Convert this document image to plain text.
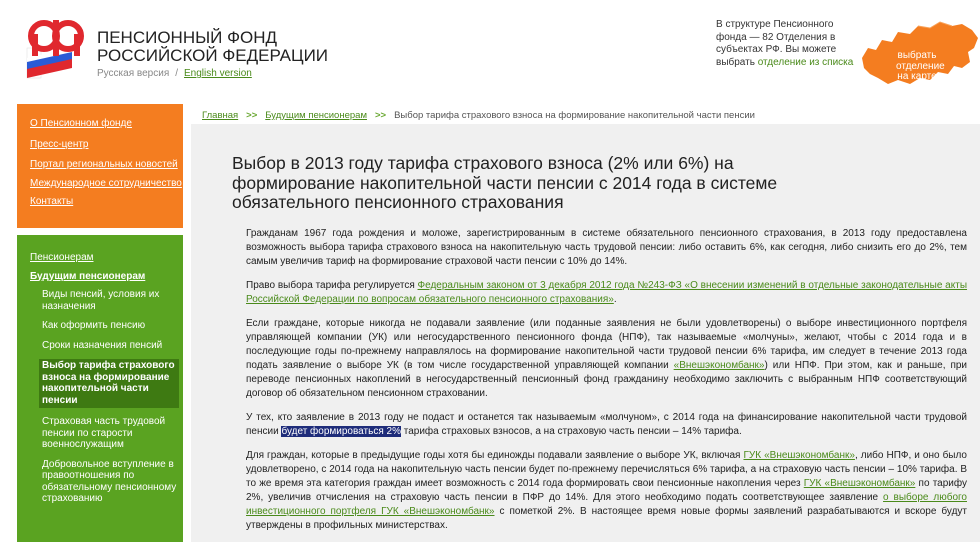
ПЕНСИОННЫЙ ФОНД
РОССИЙСКОЙ ФЕДЕРАЦИИ
Русская версия / English version
В структуре Пенсионного фонда — 82 Отделения в субъектах РФ. Вы можете выбрать отделение из списка
выбрать отделение на карте
О Пенсионном фонде
Пресс-центр
Портал региональных новостей
Международное сотрудничество
Контакты
Пенсионерам
Будущим пенсионерам
Виды пенсий, условия их назначения
Как оформить пенсию
Сроки назначения пенсий
Выбор тарифа страхового взноса на формирование накопительной части пенсии
Страховая часть трудовой пенсии по старости военнослужащим
Добровольное вступление в правоотношения по обязательному пенсионному страхованию
Главная >> Будущим пенсионерам >> Выбор тарифа страхового взноса на формирование накопительной части пенсии
Выбор в 2013 году тарифа страхового взноса (2% или 6%) на формирование накопительной части пенсии с 2014 года в системе обязательного пенсионного страхования

Гражданам 1967 года рождения и моложе, зарегистрированным в системе обязательного пенсионного страхования, в 2013 году предоставлена возможность выбора тарифа страхового взноса на накопительную часть трудовой пенсии: либо оставить 6%, как сегодня, либо снизить его до 2%, тем самым увеличив тариф на формирование страховой части пенсии с 10% до 14%.

Право выбора тарифа регулируется Федеральным законом от 3 декабря 2012 года №243-ФЗ «О внесении изменений в отдельные законодательные акты Российской Федерации по вопросам обязательного пенсионного страхования».

Если граждане, которые никогда не подавали заявление (или поданные заявления не были удовлетворены) о выборе инвестиционного портфеля управляющей компании (УК) или негосударственного пенсионного фонда (НПФ), так называемые «молчуны», желают, чтобы с 2014 года и в последующие годы по-прежнему направлялось на формирование накопительной части трудовой пенсии 6% тарифа, им следует в течение 2013 года подать заявление о выборе УК (в том числе государственной управляющей компании «Внешэкономбанк») или НПФ. При этом, как и раньше, при переводе пенсионных накоплений в негосударственный пенсионный фонд гражданину необходимо заключить с выбранным НПФ соответствующий договор об обязательном пенсионном страховании.

У тех, кто заявление в 2013 году не подаст и останется так называемым «молчуном», с 2014 года на финансирование накопительной части трудовой пенсии будет формироваться 2% тарифа страховых взносов, а на страховую часть пенсии – 14% тарифа.

Для граждан, которые в предыдущие годы хотя бы единожды подавали заявление о выборе УК, включая ГУК «Внешэкономбанк», либо НПФ, и оно было удовлетворено, с 2014 года на накопительную часть пенсии будет по-прежнему перечисляться 6% тарифа, а на страховую часть пенсии – 10% тарифа. В то же время эта категория граждан имеет возможность с 2014 года формировать свои пенсионные накопления через ГУК «Внешэкономбанк» по тарифу 2%, увеличив отчисления на страховую часть пенсии в ПФР до 14%. Для этого необходимо подать соответствующее заявление о выборе любого инвестиционного портфеля ГУК «Внешэкономбанк» с пометкой 2%. В настоящее время новые формы заявлений разрабатываются и вскоре будут утверждены в профильных министерствах.
